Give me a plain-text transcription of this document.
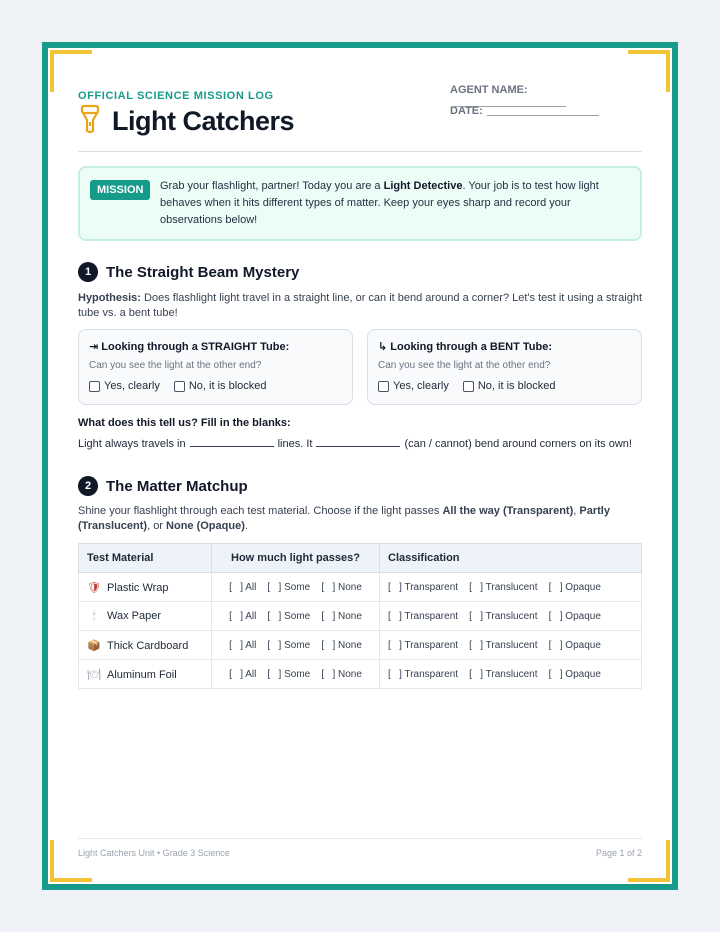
OFFICIAL SCIENCE MISSION LOG
Light Catchers
AGENT NAME:
DATE:
MISSION	Grab your flashlight, partner! Today you are a Light Detective. Your job is to test how light behaves when it hits different types of matter. Keep your eyes sharp and record your observations below!
1 The Straight Beam Mystery
Hypothesis: Does flashlight light travel in a straight line, or can it bend around a corner? Let's test it using a straight tube vs. a bent tube!
⇥ Looking through a STRAIGHT Tube:
Can you see the light at the other end?
Yes, clearly	No, it is blocked
↳ Looking through a BENT Tube:
Can you see the light at the other end?
Yes, clearly	No, it is blocked
What does this tell us? Fill in the blanks:
Light always travels in	lines. It	(can / cannot) bend around corners on its own!
2 The Matter Matchup
Shine your flashlight through each test material. Choose if the light passes All the way (Transparent), Partly (Translucent), or None (Opaque).
Test Material	How much light passes?	Classification
🛡 Plastic Wrap	[   ] All    [   ] Some    [   ] None	[   ] Transparent    [   ] Translucent    [   ] Opaque
🕯 Wax Paper	[   ] All    [   ] Some    [   ] None	[   ] Transparent    [   ] Translucent    [   ] Opaque
📦 Thick Cardboard	[   ] All    [   ] Some    [   ] None	[   ] Transparent    [   ] Translucent    [   ] Opaque
🍽 Aluminum Foil	[   ] All    [   ] Some    [   ] None	[   ] Transparent    [   ] Translucent    [   ] Opaque
Light Catchers Unit • Grade 3 Science	Page 1 of 2
